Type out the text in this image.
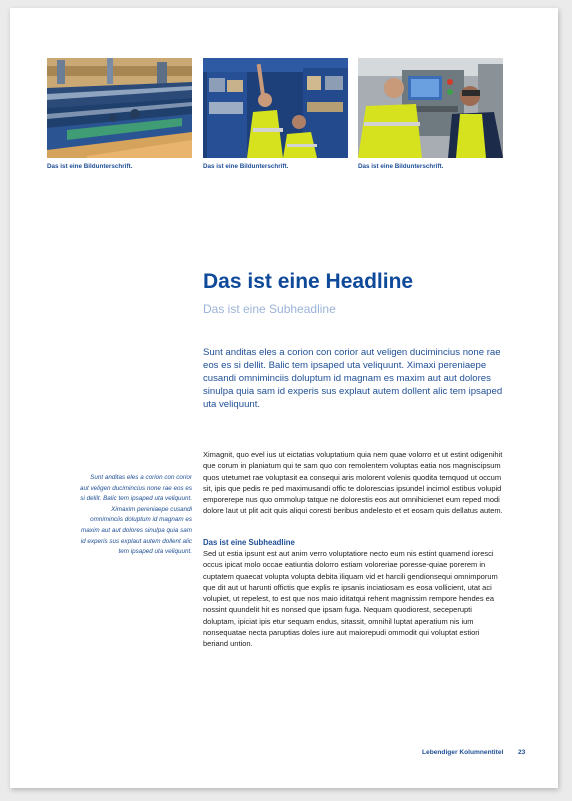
Das ist eine Bildunterschrift.	Das ist eine Bildunterschrift.	Das ist eine Bildunterschrift.
Das ist eine Headline
Das ist eine Subheadline
Sunt anditas eles a corion con corior aut veligen ducimincius none rae eos es si dellit. Balic tem ipsaped uta veliquunt. Ximaxi pereniaepe cusandi omniminciis doluptum id magnam es maxim aut aut dolores sinulpa quia sam id experis sus explaut autem dollent alic tem ipsaped uta veliquunt.
Sunt anditas eles a corion con corior aut veligen ducimincius none rae eos es si dellit. Balic tem ipsaped uta veliquunt. Ximaxim pereniaepe cusandi omniminciis doluptum id magnam es maxim aut aut dolores sinulpa quia sam id experis sus explaut autem dollent alic tem ipsaped uta veliquunt.
Ximagnit, quo evel ius ut eictatias voluptatium quia nem quae volorro et ut estint odigenihit que corum in planiatum qui te sam quo con remolentem voluptas eatia nos magniscipsum quos utetumet rae voluptasit ea consequi aris molorent volenis quodita temquod ut occum sit, ipis que pedis re ped maximusandi offic te dolorescias ipsundel incimol estibus volupid emporerepe nus quo ommolup tatque ne dolorestis eos aut omnihicienet eum reped modi dolore laut ut plit acit quis aliqui coresti beribus andelesto et et eosam quis dellatus autem.
Das ist eine Subheadline
Sed ut estia ipsunt est aut anim verro voluptatiore necto eum nis estint quamend ioresci occus ipicat molo occae eatiuntia dolorro estiam voloreriae poresse-quiae porerem in cuptatem quaecat volupta volupta debita iliquam vid et harcili gendionsequi omnimporum que dit aut ut harunti offictis que explis re ipsanis inciatiosam es eosa vollicient, utat aci volupiet, ut repelest, to est que nos maio iditatqui rehent magnissim rempore hendes ea nossint quundelit hit es nonsed que ipsam fuga. Nequam quodiorest, seceperupti doluptam, ipiciat ipis etur sequam endus, sitassit, omnihil luptat aperatium nis ium nonsequatae necta paruptias doles iure aut maiorepudi ommodit qui voluptat estiori beriand untion.
Lebendiger Kolumnentitel 23
